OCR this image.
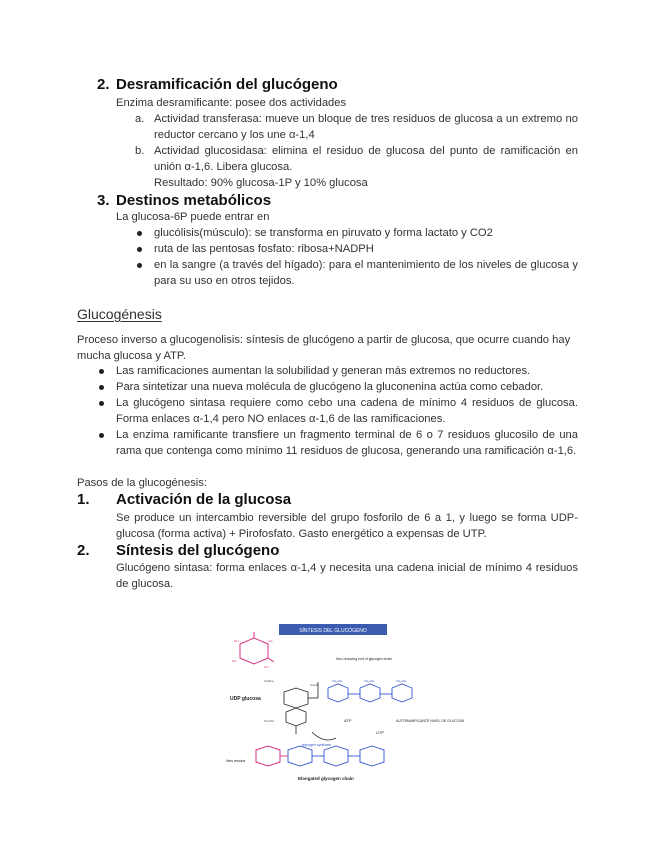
2. Desramificación del glucógeno
Enzima desramificante: posee dos actividades
a. Actividad transferasa: mueve un bloque de tres residuos de glucosa a un extremo no reductor cercano y los une α-1,4
b. Actividad glucosidasa: elimina el residuo de glucosa del punto de ramificación en unión α-1,6. Libera glucosa.
Resultado: 90% glucosa-1P y 10% glucosa
3. Destinos metabólicos
La glucosa-6P puede entrar en
glucólisis(músculo): se transforma en piruvato y forma lactato y CO2
ruta de las pentosas fosfato: ribosa+NADPH
en la sangre (a través del hígado): para el mantenimiento de los niveles de glucosa y para su uso en otros tejidos.
Glucogénesis
Proceso inverso a glucogenolisis: síntesis de glucógeno a partir de glucosa, que ocurre cuando hay mucha glucosa y ATP.
Las ramificaciones aumentan la solubilidad y generan más extremos no reductores.
Para sintetizar una nueva molécula de glucógeno la gluconenina actúa como cebador.
La glucógeno sintasa requiere como cebo una cadena de mínimo 4 residuos de glucosa. Forma enlaces α-1,4 pero NO enlaces α-1,6 de las ramificaciones.
La enzima ramificante transfiere un fragmento terminal de 6 o 7 residuos glucosilo de una rama que contenga como mínimo 11 residuos de glucosa, generando una ramificación α-1,6.
Pasos de la glucogénesis:
1. Activación de la glucosa
Se produce un intercambio reversible del grupo fosforilo de 6 a 1, y luego se forma UDP-glucosa (forma activa) + Pirofosfato. Gasto energético a expensas de UTP.
2. Síntesis del glucógeno
Glucógeno sintasa: forma enlaces α-1,4 y necesita una cadena inicial de mínimo 4 residuos de glucosa.
SÍNTESIS DEL GLUCÓGENO
OH	CH₂
HO
OH
UDP glucosa
Uridine
Uracil
OH OH
glycogen synthase
Non-reducing end of glycogen chain
CH₂OH	CH₂OH	CH₂OH
ATP
UTP
AUTORAMIFICANTE NIVEL DE GLUCOSA
New residue
Elongated glycogen chain
